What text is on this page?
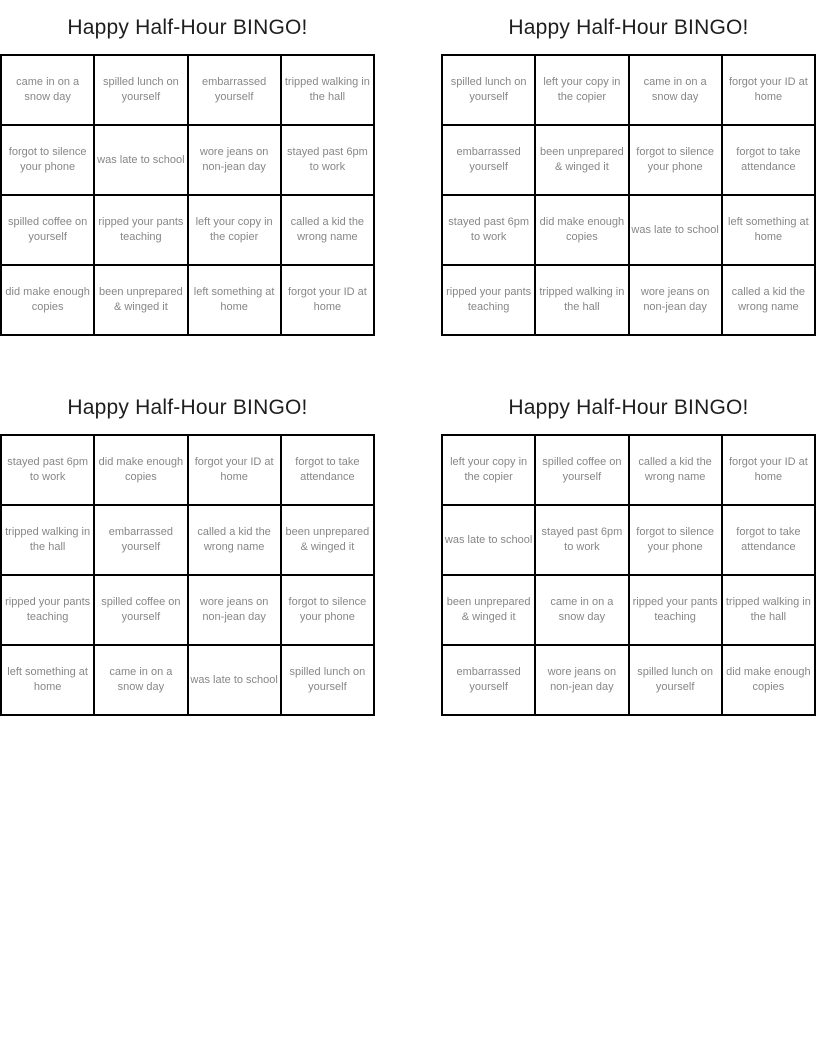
Happy Half-Hour BINGO!
came in on a snow day	spilled lunch on yourself	embarrassed yourself	tripped walking in the hall
forgot to silence your phone	was late to school	wore jeans on non-jean day	stayed past 6pm to work
spilled coffee on yourself	ripped your pants teaching	left your copy in the copier	called a kid the wrong name
did make enough copies	been unprepared & winged it	left something at home	forgot your ID at home
Happy Half-Hour BINGO!
spilled lunch on yourself	left your copy in the copier	came in on a snow day	forgot your ID at home
embarrassed yourself	been unprepared & winged it	forgot to silence your phone	forgot to take attendance
stayed past 6pm to work	did make enough copies	was late to school	left something at home
ripped your pants teaching	tripped walking in the hall	wore jeans on non-jean day	called a kid the wrong name
Happy Half-Hour BINGO!
stayed past 6pm to work	did make enough copies	forgot your ID at home	forgot to take attendance
tripped walking in the hall	embarrassed yourself	called a kid the wrong name	been unprepared & winged it
ripped your pants teaching	spilled coffee on yourself	wore jeans on non-jean day	forgot to silence your phone
left something at home	came in on a snow day	was late to school	spilled lunch on yourself
Happy Half-Hour BINGO!
left your copy in the copier	spilled coffee on yourself	called a kid the wrong name	forgot your ID at home
was late to school	stayed past 6pm to work	forgot to silence your phone	forgot to take attendance
been unprepared & winged it	came in on a snow day	ripped your pants teaching	tripped walking in the hall
embarrassed yourself	wore jeans on non-jean day	spilled lunch on yourself	did make enough copies
